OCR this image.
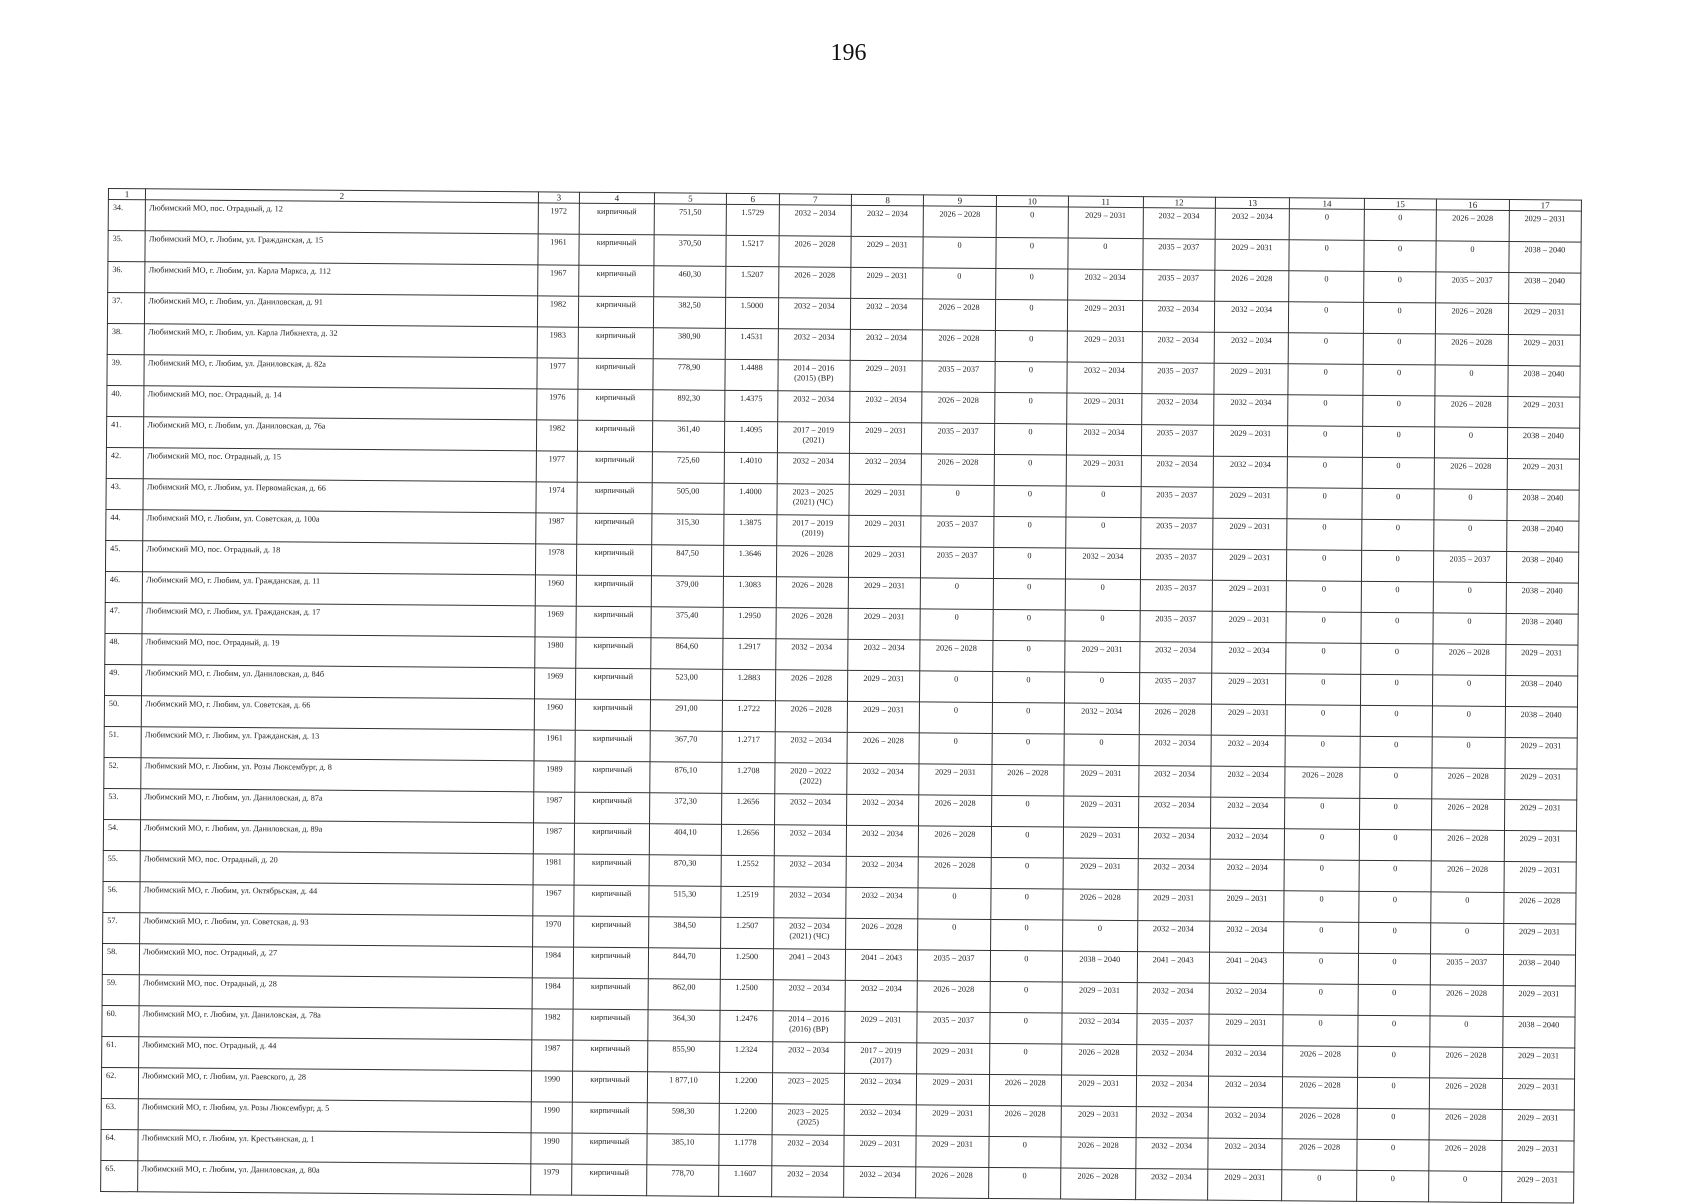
196
1	2	3	4	5	6	7	8	9	10	11	12	13	14	15	16	17
34.	Любимский МО, пос. Отрадный, д. 12	1972	кирпичный	751,50	1.5729	2032 – 2034	2032 – 2034	2026 – 2028	0	2029 – 2031	2032 – 2034	2032 – 2034	0	0	2026 – 2028	2029 – 2031
35.	Любимский МО, г. Любим, ул. Гражданская, д. 15	1961	кирпичный	370,50	1.5217	2026 – 2028	2029 – 2031	0	0	0	2035 – 2037	2029 – 2031	0	0	0	2038 – 2040
36.	Любимский МО, г. Любим, ул. Карла Маркса, д. 112	1967	кирпичный	460,30	1.5207	2026 – 2028	2029 – 2031	0	0	2032 – 2034	2035 – 2037	2026 – 2028	0	0	2035 – 2037	2038 – 2040
37.	Любимский МО, г. Любим, ул. Даниловская, д. 91	1982	кирпичный	382,50	1.5000	2032 – 2034	2032 – 2034	2026 – 2028	0	2029 – 2031	2032 – 2034	2032 – 2034	0	0	2026 – 2028	2029 – 2031
38.	Любимский МО, г. Любим, ул. Карла Либкнехта, д. 32	1983	кирпичный	380,90	1.4531	2032 – 2034	2032 – 2034	2026 – 2028	0	2029 – 2031	2032 – 2034	2032 – 2034	0	0	2026 – 2028	2029 – 2031
39.	Любимский МО, г. Любим, ул. Даниловская, д. 82а	1977	кирпичный	778,90	1.4488	2014 – 2016
(2015) (ВР)	2029 – 2031	2035 – 2037	0	2032 – 2034	2035 – 2037	2029 – 2031	0	0	0	2038 – 2040
40.	Любимский МО, пос. Отрадный, д. 14	1976	кирпичный	892,30	1.4375	2032 – 2034	2032 – 2034	2026 – 2028	0	2029 – 2031	2032 – 2034	2032 – 2034	0	0	2026 – 2028	2029 – 2031
41.	Любимский МО, г. Любим, ул. Даниловская, д. 76а	1982	кирпичный	361,40	1.4095	2017 – 2019
(2021)	2029 – 2031	2035 – 2037	0	2032 – 2034	2035 – 2037	2029 – 2031	0	0	0	2038 – 2040
42.	Любимский МО, пос. Отрадный, д. 15	1977	кирпичный	725,60	1.4010	2032 – 2034	2032 – 2034	2026 – 2028	0	2029 – 2031	2032 – 2034	2032 – 2034	0	0	2026 – 2028	2029 – 2031
43.	Любимский МО, г. Любим, ул. Первомайская, д. 66	1974	кирпичный	505,00	1.4000	2023 – 2025
(2021) (ЧС)	2029 – 2031	0	0	0	2035 – 2037	2029 – 2031	0	0	0	2038 – 2040
44.	Любимский МО, г. Любим, ул. Советская, д. 100а	1987	кирпичный	315,30	1.3875	2017 – 2019
(2019)	2029 – 2031	2035 – 2037	0	0	2035 – 2037	2029 – 2031	0	0	0	2038 – 2040
45.	Любимский МО, пос. Отрадный, д. 18	1978	кирпичный	847,50	1.3646	2026 – 2028	2029 – 2031	2035 – 2037	0	2032 – 2034	2035 – 2037	2029 – 2031	0	0	2035 – 2037	2038 – 2040
46.	Любимский МО, г. Любим, ул. Гражданская, д. 11	1960	кирпичный	379,00	1.3083	2026 – 2028	2029 – 2031	0	0	0	2035 – 2037	2029 – 2031	0	0	0	2038 – 2040
47.	Любимский МО, г. Любим, ул. Гражданская, д. 17	1969	кирпичный	375,40	1.2950	2026 – 2028	2029 – 2031	0	0	0	2035 – 2037	2029 – 2031	0	0	0	2038 – 2040
48.	Любимский МО, пос. Отрадный, д. 19	1980	кирпичный	864,60	1.2917	2032 – 2034	2032 – 2034	2026 – 2028	0	2029 – 2031	2032 – 2034	2032 – 2034	0	0	2026 – 2028	2029 – 2031
49.	Любимский МО, г. Любим, ул. Даниловская, д. 84б	1969	кирпичный	523,00	1.2883	2026 – 2028	2029 – 2031	0	0	0	2035 – 2037	2029 – 2031	0	0	0	2038 – 2040
50.	Любимский МО, г. Любим, ул. Советская, д. 66	1960	кирпичный	291,00	1.2722	2026 – 2028	2029 – 2031	0	0	2032 – 2034	2026 – 2028	2029 – 2031	0	0	0	2038 – 2040
51.	Любимский МО, г. Любим, ул. Гражданская, д. 13	1961	кирпичный	367,70	1.2717	2032 – 2034	2026 – 2028	0	0	0	2032 – 2034	2032 – 2034	0	0	0	2029 – 2031
52.	Любимский МО, г. Любим, ул. Розы Люксембург, д. 8	1989	кирпичный	876,10	1.2708	2020 – 2022
(2022)	2032 – 2034	2029 – 2031	2026 – 2028	2029 – 2031	2032 – 2034	2032 – 2034	2026 – 2028	0	2026 – 2028	2029 – 2031
53.	Любимский МО, г. Любим, ул. Даниловская, д. 87а	1987	кирпичный	372,30	1.2656	2032 – 2034	2032 – 2034	2026 – 2028	0	2029 – 2031	2032 – 2034	2032 – 2034	0	0	2026 – 2028	2029 – 2031
54.	Любимский МО, г. Любим, ул. Даниловская, д. 89а	1987	кирпичный	404,10	1.2656	2032 – 2034	2032 – 2034	2026 – 2028	0	2029 – 2031	2032 – 2034	2032 – 2034	0	0	2026 – 2028	2029 – 2031
55.	Любимский МО, пос. Отрадный, д. 20	1981	кирпичный	870,30	1.2552	2032 – 2034	2032 – 2034	2026 – 2028	0	2029 – 2031	2032 – 2034	2032 – 2034	0	0	2026 – 2028	2029 – 2031
56.	Любимский МО, г. Любим, ул. Октябрьская, д. 44	1967	кирпичный	515,30	1.2519	2032 – 2034	2032 – 2034	0	0	2026 – 2028	2029 – 2031	2029 – 2031	0	0	0	2026 – 2028
57.	Любимский МО, г. Любим, ул. Советская, д. 93	1970	кирпичный	384,50	1.2507	2032 – 2034
(2021) (ЧС)	2026 – 2028	0	0	0	2032 – 2034	2032 – 2034	0	0	0	2029 – 2031
58.	Любимский МО, пос. Отрадный, д. 27	1984	кирпичный	844,70	1.2500	2041 – 2043	2041 – 2043	2035 – 2037	0	2038 – 2040	2041 – 2043	2041 – 2043	0	0	2035 – 2037	2038 – 2040
59.	Любимский МО, пос. Отрадный, д. 28	1984	кирпичный	862,00	1.2500	2032 – 2034	2032 – 2034	2026 – 2028	0	2029 – 2031	2032 – 2034	2032 – 2034	0	0	2026 – 2028	2029 – 2031
60.	Любимский МО, г. Любим, ул. Даниловская, д. 78а	1982	кирпичный	364,30	1.2476	2014 – 2016
(2016) (ВР)	2029 – 2031	2035 – 2037	0	2032 – 2034	2035 – 2037	2029 – 2031	0	0	0	2038 – 2040
61.	Любимский МО, пос. Отрадный, д. 44	1987	кирпичный	855,90	1.2324	2032 – 2034	2017 – 2019
(2017)	2029 – 2031	0	2026 – 2028	2032 – 2034	2032 – 2034	2026 – 2028	0	2026 – 2028	2029 – 2031
62.	Любимский МО, г. Любим, ул. Раевского, д. 28	1990	кирпичный	1 877,10	1.2200	2023 – 2025	2032 – 2034	2029 – 2031	2026 – 2028	2029 – 2031	2032 – 2034	2032 – 2034	2026 – 2028	0	2026 – 2028	2029 – 2031
63.	Любимский МО, г. Любим, ул. Розы Люксембург, д. 5	1990	кирпичный	598,30	1.2200	2023 – 2025
(2025)	2032 – 2034	2029 – 2031	2026 – 2028	2029 – 2031	2032 – 2034	2032 – 2034	2026 – 2028	0	2026 – 2028	2029 – 2031
64.	Любимский МО, г. Любим, ул. Крестьянская, д. 1	1990	кирпичный	385,10	1.1778	2032 – 2034	2029 – 2031	2029 – 2031	0	2026 – 2028	2032 – 2034	2032 – 2034	2026 – 2028	0	2026 – 2028	2029 – 2031
65.	Любимский МО, г. Любим, ул. Даниловская, д. 80а	1979	кирпичный	778,70	1.1607	2032 – 2034	2032 – 2034	2026 – 2028	0	2026 – 2028	2032 – 2034	2029 – 2031	0	0	0	2029 – 2031
